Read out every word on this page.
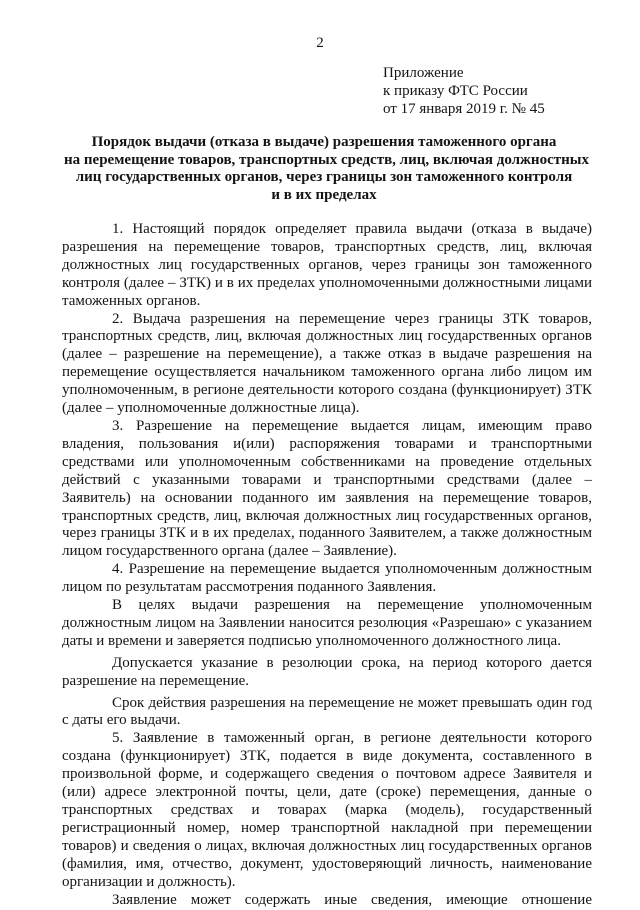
2
Приложение
к приказу ФТС России
от 17 января 2019 г. № 45
Порядок выдачи (отказа в выдаче) разрешения таможенного органа
на перемещение товаров, транспортных средств, лиц, включая должностных
лиц государственных органов, через границы зон таможенного контроля
и в их пределах

1. Настоящий порядок определяет правила выдачи (отказа в выдаче) разрешения на перемещение товаров, транспортных средств, лиц, включая должностных лиц государственных органов, через границы зон таможенного контроля (далее – ЗТК) и в их пределах уполномоченными должностными лицами таможенных органов.

2. Выдача разрешения на перемещение через границы ЗТК товаров, транспортных средств, лиц, включая должностных лиц государственных органов (далее – разрешение на перемещение), а также отказ в выдаче разрешения на перемещение осуществляется начальником таможенного органа либо лицом им уполномоченным, в регионе деятельности которого создана (функционирует) ЗТК (далее – уполномоченные должностные лица).

3. Разрешение на перемещение выдается лицам, имеющим право владения, пользования и(или) распоряжения товарами и транспортными средствами или уполномоченным собственниками на проведение отдельных действий с указанными товарами и транспортными средствами (далее – Заявитель) на основании поданного им заявления на перемещение товаров, транспортных средств, лиц, включая должностных лиц государственных органов, через границы ЗТК и в их пределах, поданного Заявителем, а также должностным лицом государственного органа (далее – Заявление).

4. Разрешение на перемещение выдается уполномоченным должностным лицом по результатам рассмотрения поданного Заявления.

В целях выдачи разрешения на перемещение уполномоченным должностным лицом на Заявлении наносится резолюция «Разрешаю» с указанием даты и времени и заверяется подписью уполномоченного должностного лица.

Допускается указание в резолюции срока, на период которого дается разрешение на перемещение.

Срок действия разрешения на перемещение не может превышать один год с даты его выдачи.

5. Заявление в таможенный орган, в регионе деятельности которого создана (функционирует) ЗТК, подается в виде документа, составленного в произвольной форме, и содержащего сведения о почтовом адресе Заявителя и (или) адресе электронной почты, цели, дате (сроке) перемещения, данные о транспортных средствах и товарах (марка (модель), государственный регистрационный номер, номер транспортной накладной при перемещении товаров) и сведения о лицах, включая должностных лиц государственных органов (фамилия, имя, отчество, документ, удостоверяющий личность, наименование организации и должность).

Заявление может содержать иные сведения, имеющие отношение
